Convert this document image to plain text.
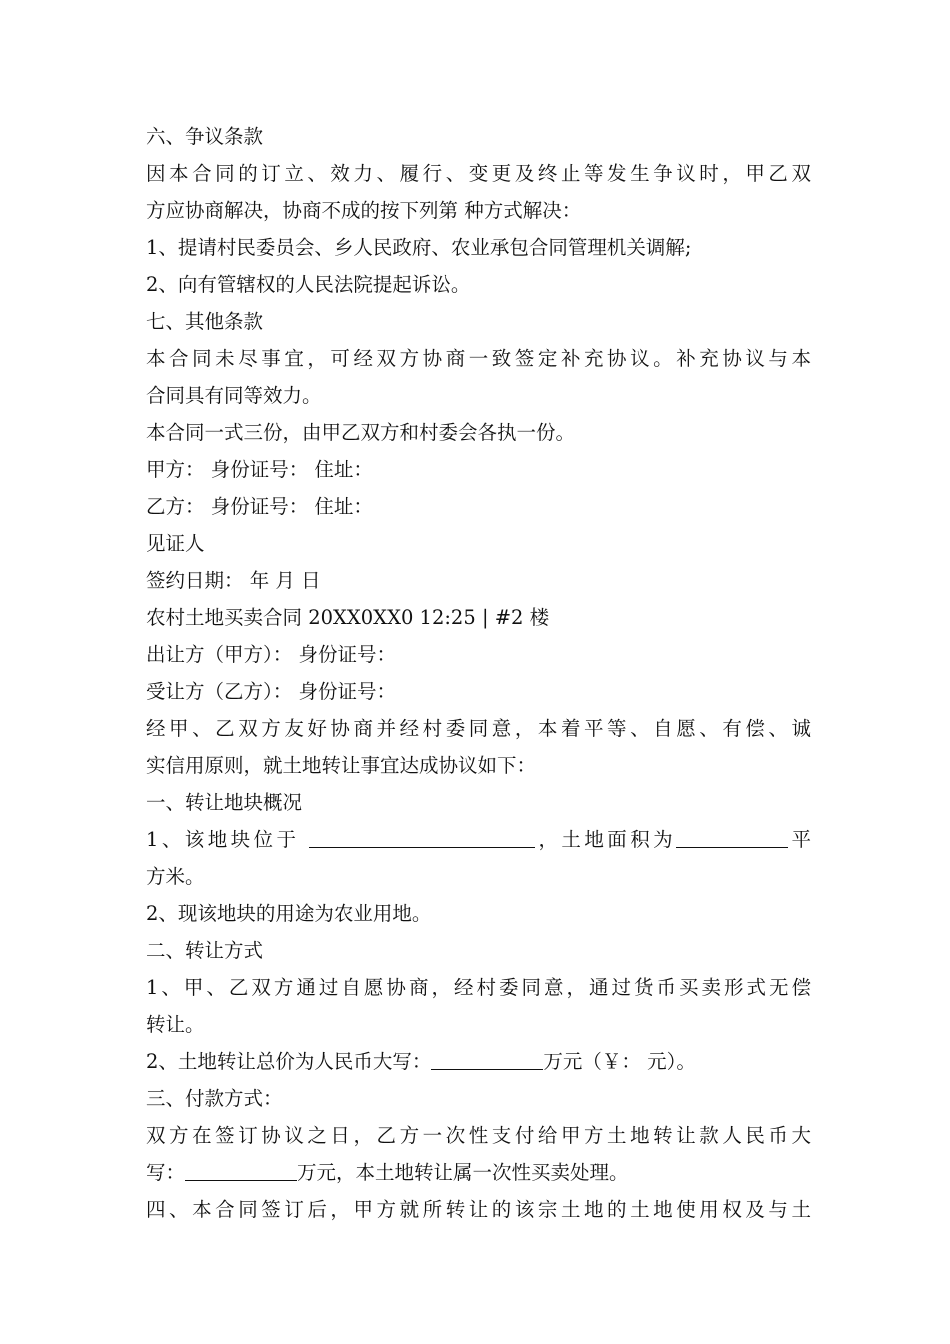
六、争议条款
因本合同的订立、效力、履行、变更及终止等发生争议时，甲乙双
方应协商解决，协商不成的按下列第 种方式解决：
1、提请村民委员会、乡人民政府、农业承包合同管理机关调解;
2、向有管辖权的人民法院提起诉讼。
七、其他条款
本合同未尽事宜，可经双方协商一致签定补充协议。补充协议与本
合同具有同等效力。
本合同一式三份，由甲乙双方和村委会各执一份。
甲方： 身份证号： 住址：
乙方： 身份证号： 住址：
见证人
签约日期： 年 月 日
农村土地买卖合同 20XX0XX0 12:25 | #2 楼
出让方（甲方）： 身份证号：
受让方（乙方）： 身份证号：
经甲、乙双方友好协商并经村委同意，本着平等、自愿、有偿、诚
实信用原则，就土地转让事宜达成协议如下：
一、转让地块概况
1、该地块位于	，土地面积为	平
方米。
2、现该地块的用途为农业用地。
二、转让方式
1、甲、乙双方通过自愿协商，经村委同意，通过货币买卖形式无偿
转让。
2、土地转让总价为人民币大写：	万元（￥： 元）。
三、付款方式：
双方在签订协议之日，乙方一次性支付给甲方土地转让款人民币大
写：	万元，本土地转让属一次性买卖处理。
四、本合同签订后，甲方就所转让的该宗土地的土地使用权及与土
